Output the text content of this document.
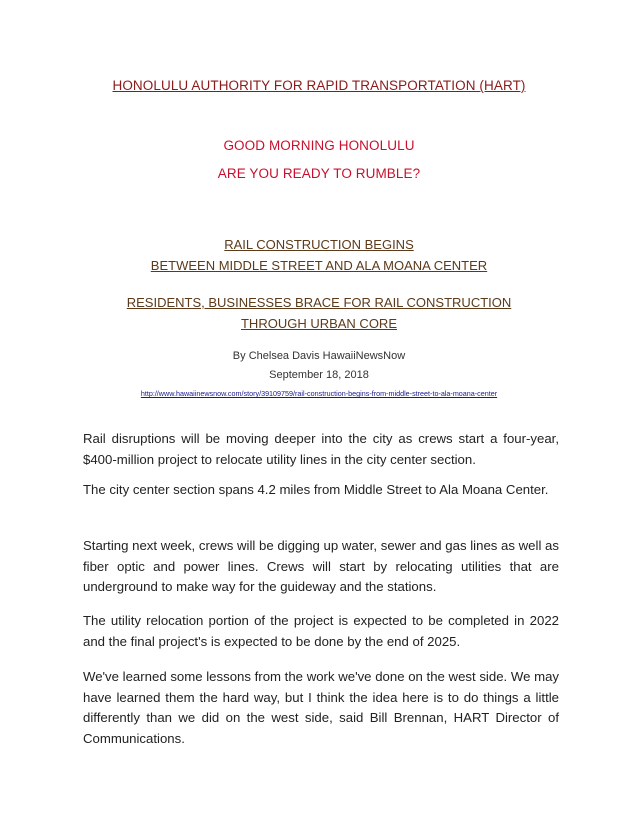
HONOLULU AUTHORITY FOR RAPID TRANSPORTATION (HART)
GOOD MORNING HONOLULU
ARE YOU READY TO RUMBLE?
RAIL CONSTRUCTION BEGINS
BETWEEN MIDDLE STREET AND ALA MOANA CENTER
RESIDENTS, BUSINESSES BRACE FOR RAIL CONSTRUCTION
THROUGH URBAN CORE
By Chelsea Davis HawaiiNewsNow
September 18, 2018
http://www.hawaiinewsnow.com/story/39109759/rail-construction-begins-from-middle-street-to-ala-moana-center
Rail disruptions will be moving deeper into the city as crews start a four-year, $400-million project to relocate utility lines in the city center section.
The city center section spans 4.2 miles from Middle Street to Ala Moana Center.
Starting next week, crews will be digging up water, sewer and gas lines as well as fiber optic and power lines. Crews will start by relocating utilities that are underground to make way for the guideway and the stations.
The utility relocation portion of the project is expected to be completed in 2022 and the final project's is expected to be done by the end of 2025.
We've learned some lessons from the work we've done on the west side. We may have learned them the hard way, but I think the idea here is to do things a little differently than we did on the west side, said Bill Brennan, HART Director of Communications.
